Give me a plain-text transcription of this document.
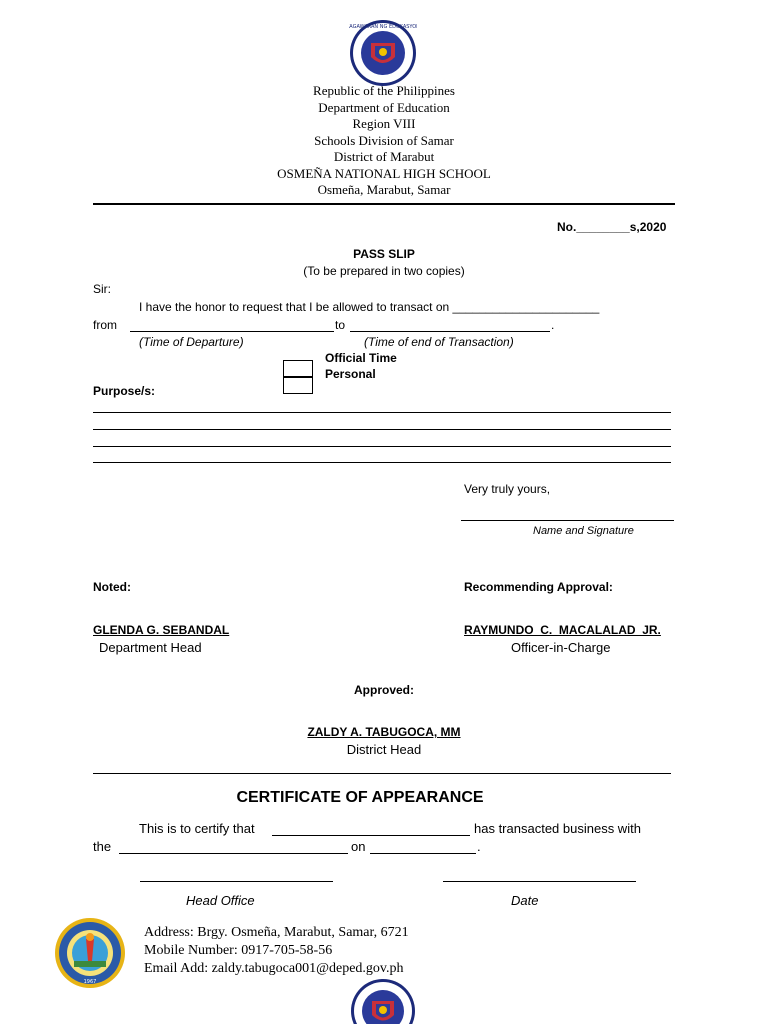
KAGAWARAN NG EDUKASYON
Republic of the Philippines
Department of Education
Region VIII
Schools Division of Samar
District of Marabut
OSMEÑA NATIONAL HIGH SCHOOL
Osmeña, Marabut, Samar
No.________s,2020
PASS SLIP
(To be prepared in two copies)
Sir:
I have the honor to request that I be allowed to transact on ______________________
from	to	.
(Time of Departure)	(Time of end of Transaction)
Official Time
Personal
Purpose/s:
Very truly yours,
Name and Signature
Noted:	Recommending Approval:
GLENDA G. SEBANDAL
Department Head
RAYMUNDO  C.  MACALALAD  JR.
Officer-in-Charge
Approved:
ZALDY A. TABUGOCA, MM
District Head
CERTIFICATE OF APPEARANCE
This is to certify that	has transacted business with
the	on	.
Head Office	Date
1967
Address: Brgy. Osmeña, Marabut, Samar, 6721
Mobile Number: 0917-705-58-56
Email Add: zaldy.tabugoca001@deped.gov.ph
